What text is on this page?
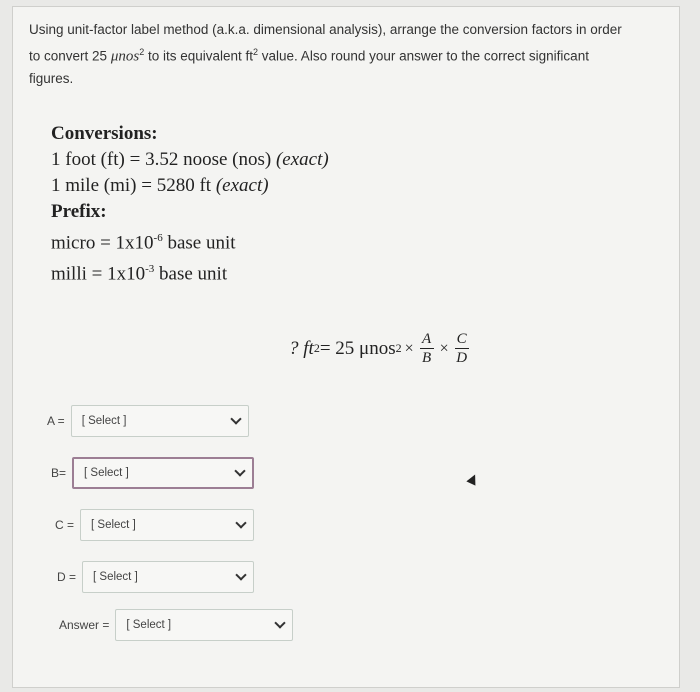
Using unit-factor label method (a.k.a. dimensional analysis), arrange the conversion factors in order
to convert 25 μnos$^2$ to its equivalent $ft^2$ value. Also round your answer to the correct significant
figures.
Conversions:
1 foot (ft) = 3.52 noose (nos) (exact)
1 mile (mi) = 5280 ft (exact)
Prefix:
micro = $1x10^{-6}$ base unit
milli = $1x10^{-3}$ base unit
? ft 2 = 25 μnos $2 \times \frac{A}{B} \times \frac{C}{D}$
A = [ Select ]
B= [ Select ]
C = [ Select ]
D = [ Select ]
Answer = [ Select ]
